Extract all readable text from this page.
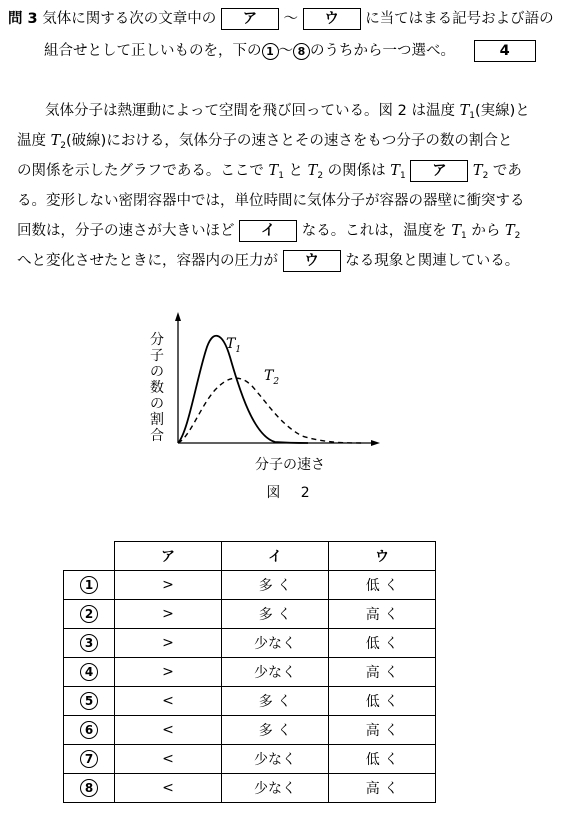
問 3 気体に関する次の文章中の ア ～ ウ に当てはまる記号および語の
組合せとして正しいものを，下の 1 ～ 8 のうちから一つ選べ。	4
気体分子は熱運動によって空間を飛び回っている。図 2 は温度 $T_1$(実線)と
温度 $T_2$(破線)における，気体分子の速さとその速さをもつ分子の数の割合と
の関係を示したグラフである。ここで $T_1$ と $T_2$ の関係は $T_1$ ア $T_2$ であ
る。変形しない密閉容器中では，単位時間に気体分子が容器の器壁に衝突する
回数は，分子の速さが大きいほど イ なる。これは，温度を $T_1$ から $T_2$
へと変化させたときに，容器内の圧力が ウ なる現象と関連している。
分子の数の割合
$T_1$
$T_2$
分子の速さ
図 2
	ア	イ	ウ
1	>	多 く	低 く
2	>	多 く	高 く
3	>	少なく	低 く
4	>	少なく	高 く
5	<	多 く	低 く
6	<	多 く	高 く
7	<	少なく	低 く
8	<	少なく	高 く
